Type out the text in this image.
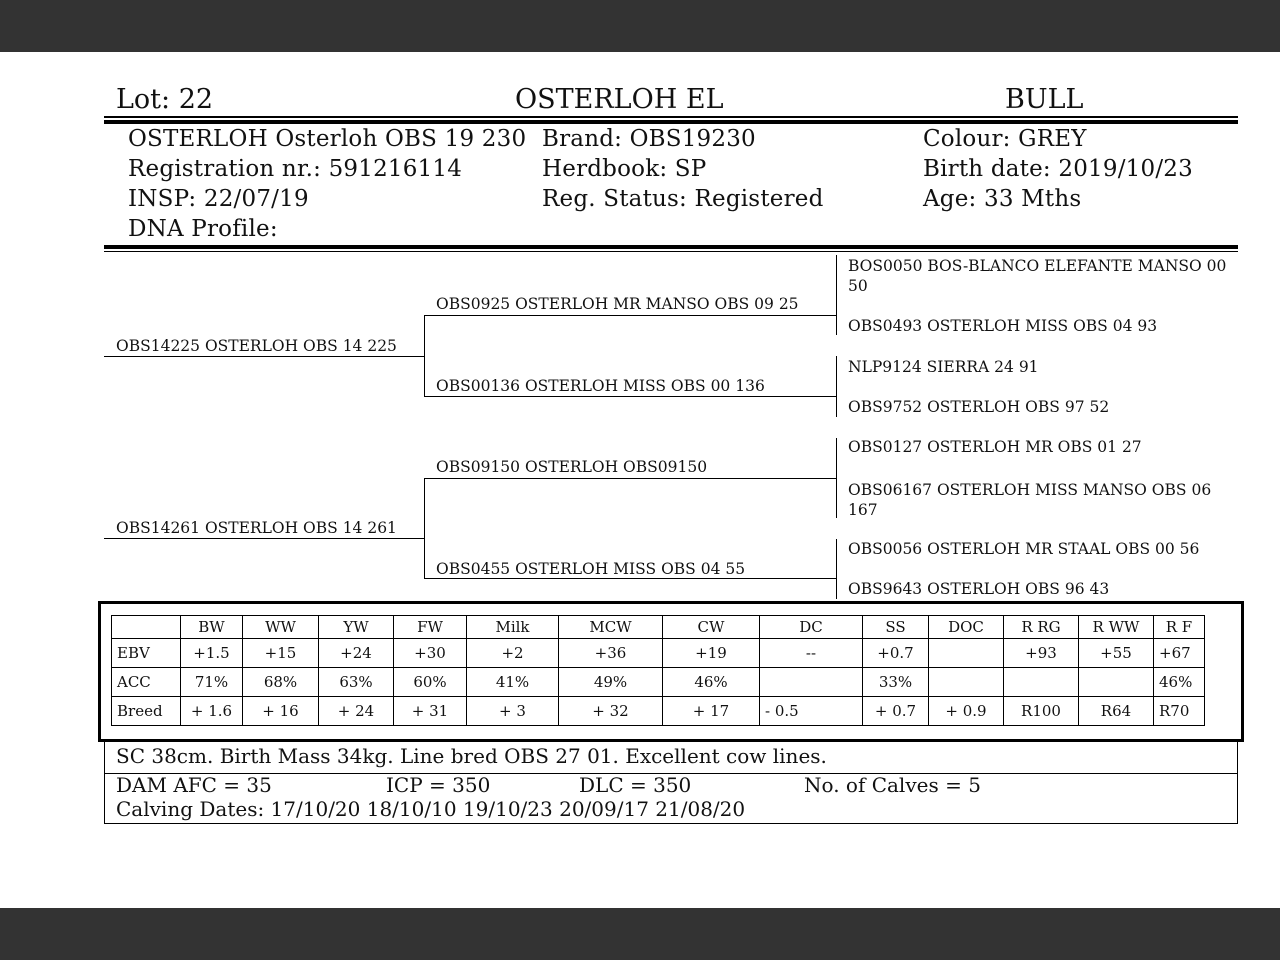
Lot: 22	OSTERLOH EL	BULL
OSTERLOH Osterloh OBS 19 230
Registration nr.: 591216114
INSP: 22/07/19
DNA Profile:
Brand: OBS19230
Herdbook: SP
Reg. Status: Registered
Colour: GREY
Birth date: 2019/10/23
Age: 33 Mths
OBS14225 OSTERLOH OBS 14 225
OBS14261 OSTERLOH OBS 14 261
OBS0925 OSTERLOH MR MANSO OBS 09 25
OBS00136 OSTERLOH MISS OBS 00 136
OBS09150 OSTERLOH OBS09150
OBS0455 OSTERLOH MISS OBS 04 55
BOS0050 BOS-BLANCO ELEFANTE MANSO 00
50
OBS0493 OSTERLOH MISS OBS 04 93
NLP9124 SIERRA 24 91
OBS9752 OSTERLOH OBS 97 52
OBS0127 OSTERLOH MR OBS 01 27
OBS06167 OSTERLOH MISS MANSO OBS 06
167
OBS0056 OSTERLOH MR STAAL OBS 00 56
OBS9643 OSTERLOH OBS 96 43
	BW	WW	YW	FW	Milk	MCW	CW	DC	SS	DOC	R RG	R WW	R F
EBV	+1.5	+15	+24	+30	+2	+36	+19	--	+0.7		+93	+55	+67
ACC	71%	68%	63%	60%	41%	49%	46%		33%				46%
Breed	+ 1.6	+ 16	+ 24	+ 31	+ 3	+ 32	+ 17	- 0.5	+ 0.7	+ 0.9	R100	R64	R70
SC 38cm. Birth Mass 34kg. Line bred OBS 27 01. Excellent cow lines.
DAM AFC = 35	ICP = 350	DLC = 350	No. of Calves = 5
Calving Dates: 17/10/20 18/10/10 19/10/23 20/09/17 21/08/20
